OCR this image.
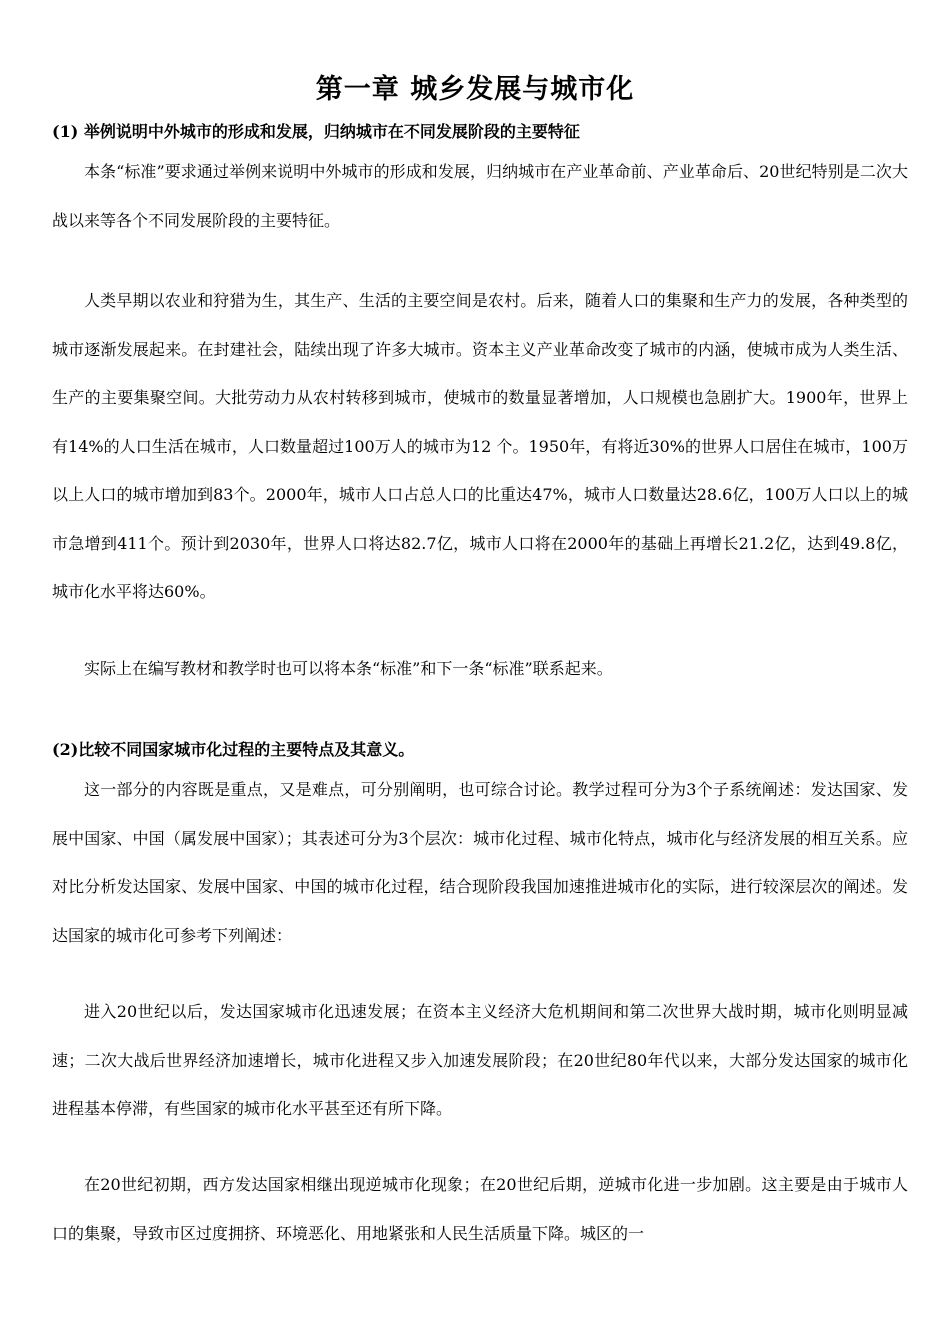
第一章 城乡发展与城市化
(1) 举例说明中外城市的形成和发展，归纳城市在不同发展阶段的主要特征

本条“标准”要求通过举例来说明中外城市的形成和发展，归纳城市在产业革命前、产业革命后、20世纪特别是二次大战以来等各个不同发展阶段的主要特征。

人类早期以农业和狩猎为生，其生产、生活的主要空间是农村。后来，随着人口的集聚和生产力的发展，各种类型的城市逐渐发展起来。在封建社会，陆续出现了许多大城市。资本主义产业革命改变了城市的内涵，使城市成为人类生活、生产的主要集聚空间。大批劳动力从农村转移到城市，使城市的数量显著增加，人口规模也急剧扩大。1900年，世界上有14%的人口生活在城市，人口数量超过100万人的城市为12 个。1950年，有将近30%的世界人口居住在城市，100万以上人口的城市增加到83个。2000年，城市人口占总人口的比重达47%，城市人口数量达28.6亿，100万人口以上的城市急增到411个。预计到2030年，世界人口将达82.7亿，城市人口将在2000年的基础上再增长21.2亿，达到49.8亿，城市化水平将达60%。

实际上在编写教材和教学时也可以将本条“标准”和下一条“标准”联系起来。

(2)比较不同国家城市化过程的主要特点及其意义。

这一部分的内容既是重点，又是难点，可分别阐明，也可综合讨论。教学过程可分为3个子系统阐述：发达国家、发展中国家、中国（属发展中国家）；其表述可分为3个层次：城市化过程、城市化特点，城市化与经济发展的相互关系。应对比分析发达国家、发展中国家、中国的城市化过程，结合现阶段我国加速推进城市化的实际，进行较深层次的阐述。发达国家的城市化可参考下列阐述：

进入20世纪以后，发达国家城市化迅速发展；在资本主义经济大危机期间和第二次世界大战时期，城市化则明显减速；二次大战后世界经济加速增长，城市化进程又步入加速发展阶段；在20世纪80年代以来，大部分发达国家的城市化进程基本停滞，有些国家的城市化水平甚至还有所下降。

在20世纪初期，西方发达国家相继出现逆城市化现象；在20世纪后期，逆城市化进一步加剧。这主要是由于城市人口的集聚，导致市区过度拥挤、环境恶化、用地紧张和人民生活质量下降。城区的一
